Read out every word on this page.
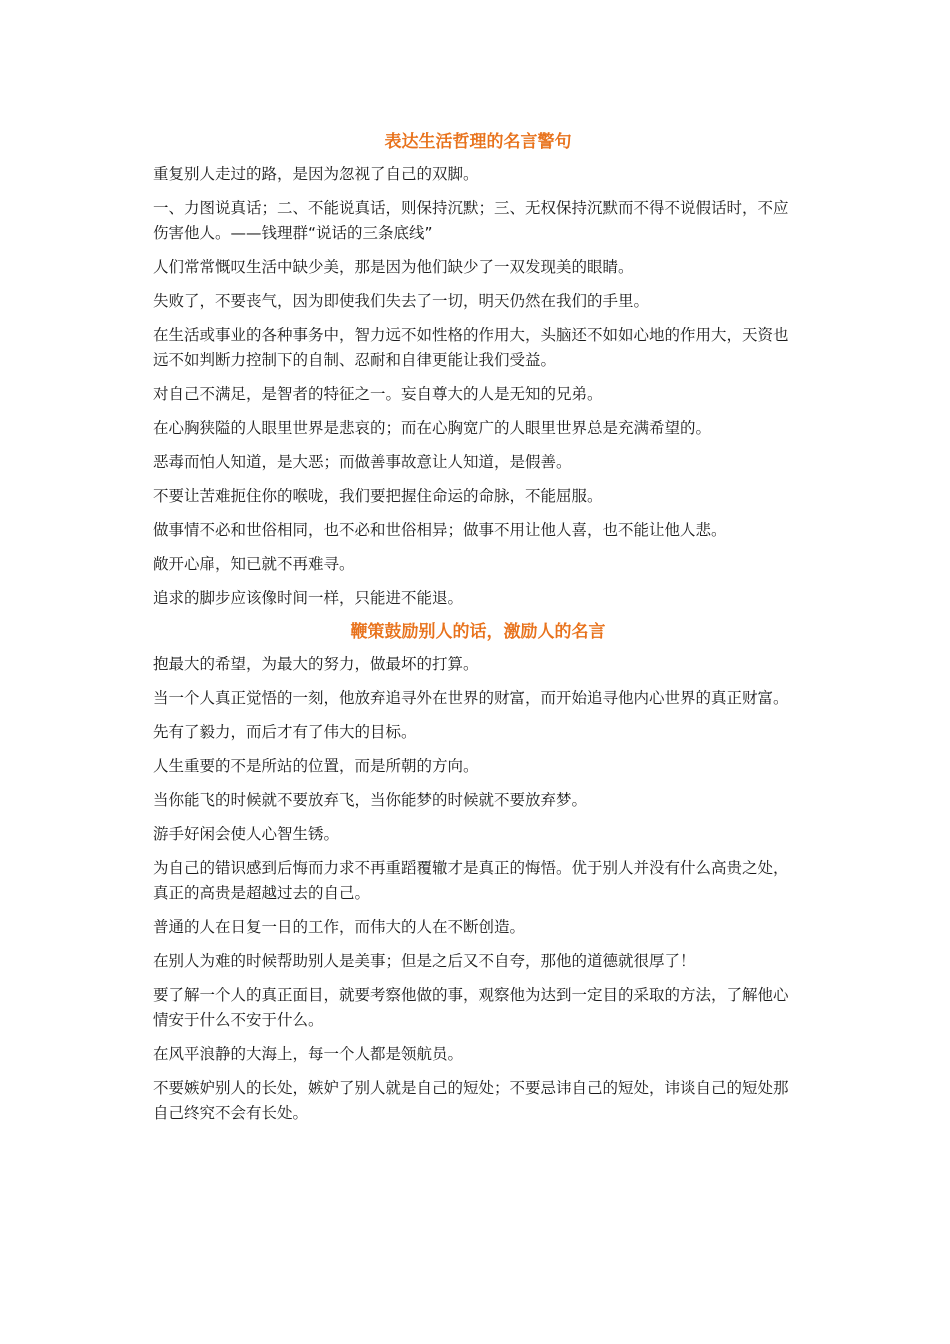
表达生活哲理的名言警句

重复别人走过的路，是因为忽视了自己的双脚。

一、力图说真话；二、不能说真话，则保持沉默；三、无权保持沉默而不得不说假话时，不应伤害他人。——钱理群“说话的三条底线”

人们常常慨叹生活中缺少美，那是因为他们缺少了一双发现美的眼睛。

失败了，不要丧气，因为即使我们失去了一切，明天仍然在我们的手里。

在生活或事业的各种事务中，智力远不如性格的作用大，头脑还不如如心地的作用大，天资也远不如判断力控制下的自制、忍耐和自律更能让我们受益。

对自己不满足，是智者的特征之一。妄自尊大的人是无知的兄弟。

在心胸狭隘的人眼里世界是悲哀的；而在心胸宽广的人眼里世界总是充满希望的。

恶毒而怕人知道，是大恶；而做善事故意让人知道，是假善。

不要让苦难扼住你的喉咙，我们要把握住命运的命脉，不能屈服。

做事情不必和世俗相同，也不必和世俗相异；做事不用让他人喜，也不能让他人悲。

敞开心扉，知已就不再难寻。

追求的脚步应该像时间一样，只能进不能退。

鞭策鼓励别人的话，激励人的名言

抱最大的希望，为最大的努力，做最坏的打算。

当一个人真正觉悟的一刻，他放弃追寻外在世界的财富，而开始追寻他内心世界的真正财富。

先有了毅力，而后才有了伟大的目标。

人生重要的不是所站的位置，而是所朝的方向。

当你能飞的时候就不要放弃飞，当你能梦的时候就不要放弃梦。

游手好闲会使人心智生锈。

为自己的错识感到后悔而力求不再重蹈覆辙才是真正的悔悟。优于别人并没有什么高贵之处，真正的高贵是超越过去的自己。

普通的人在日复一日的工作，而伟大的人在不断创造。

在别人为难的时候帮助别人是美事；但是之后又不自夸，那他的道德就很厚了！

要了解一个人的真正面目，就要考察他做的事，观察他为达到一定目的采取的方法，了解他心情安于什么不安于什么。

在风平浪静的大海上，每一个人都是领航员。

不要嫉妒别人的长处，嫉妒了别人就是自己的短处；不要忌讳自己的短处，讳谈自己的短处那自己终究不会有长处。
